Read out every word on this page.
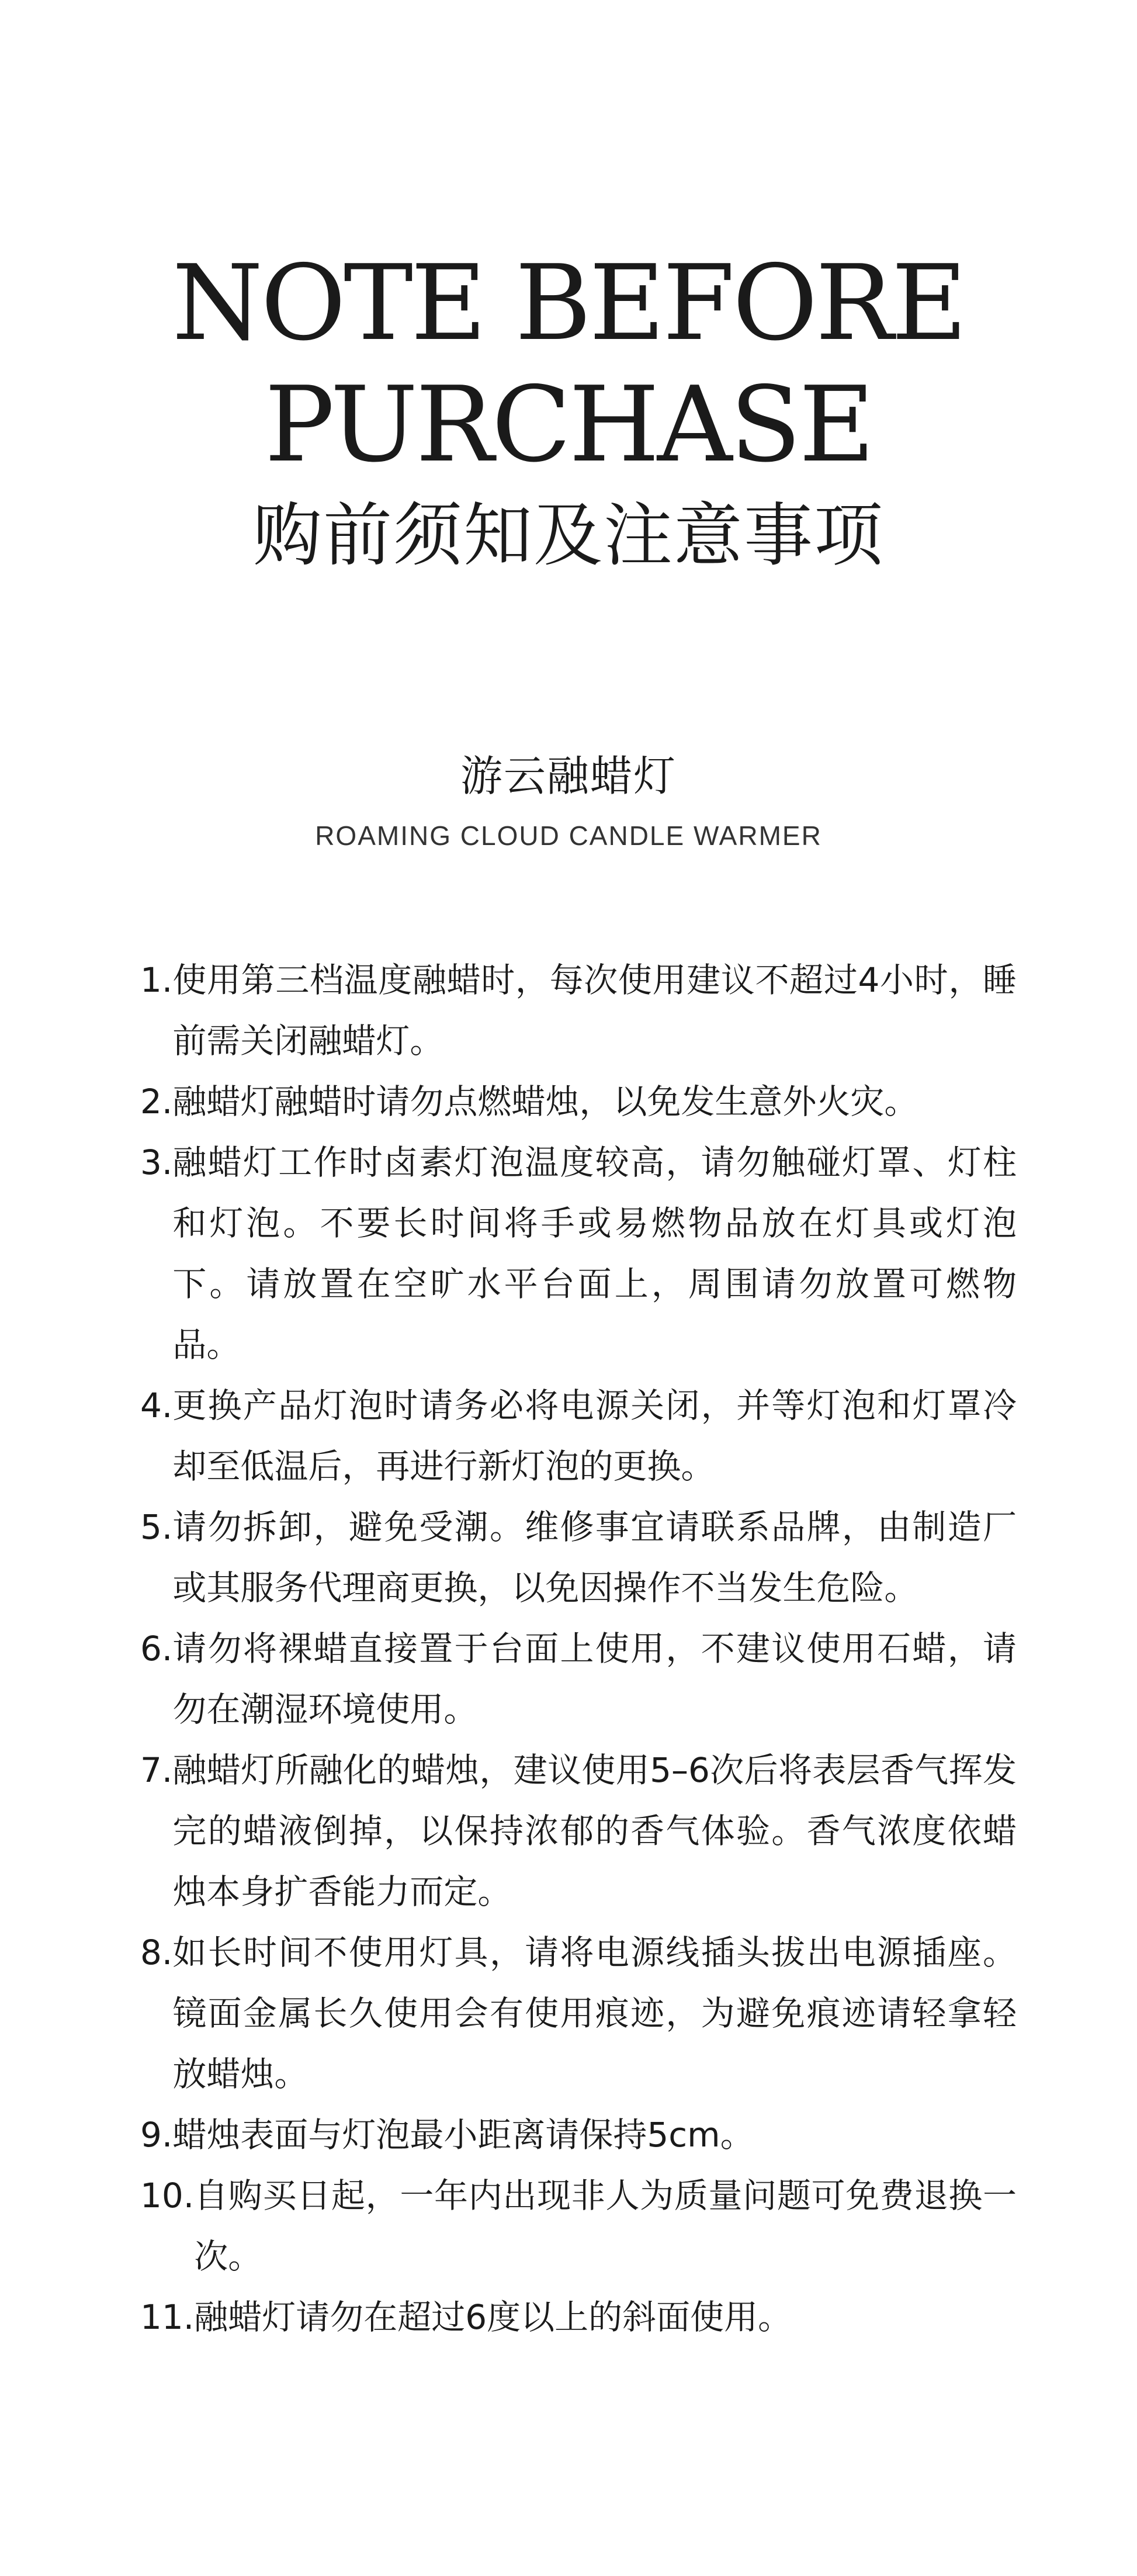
NOTE BEFORE
PURCHASE
购前须知及注意事项
游云融蜡灯
ROAMING CLOUD CANDLE WARMER
1. 使用第三档温度融蜡时，每次使用建议不超过4小时，睡前需关闭融蜡灯。
2. 融蜡灯融蜡时请勿点燃蜡烛，以免发生意外火灾。
3. 融蜡灯工作时卤素灯泡温度较高，请勿触碰灯罩、灯柱和灯泡。不要长时间将手或易燃物品放在灯具或灯泡下。请放置在空旷水平台面上，周围请勿放置可燃物品。
4. 更换产品灯泡时请务必将电源关闭，并等灯泡和灯罩冷却至低温后，再进行新灯泡的更换。
5. 请勿拆卸，避免受潮。维修事宜请联系品牌，由制造厂或其服务代理商更换，以免因操作不当发生危险。
6. 请勿将裸蜡直接置于台面上使用，不建议使用石蜡，请勿在潮湿环境使用。
7. 融蜡灯所融化的蜡烛，建议使用5–6次后将表层香气挥发完的蜡液倒掉，以保持浓郁的香气体验。香气浓度依蜡烛本身扩香能力而定。
8. 如长时间不使用灯具，请将电源线插头拔出电源插座。镜面金属长久使用会有使用痕迹，为避免痕迹请轻拿轻放蜡烛。
9. 蜡烛表面与灯泡最小距离请保持5cm。
10. 自购买日起，一年内出现非人为质量问题可免费退换一次。
11. 融蜡灯请勿在超过6度以上的斜面使用。
